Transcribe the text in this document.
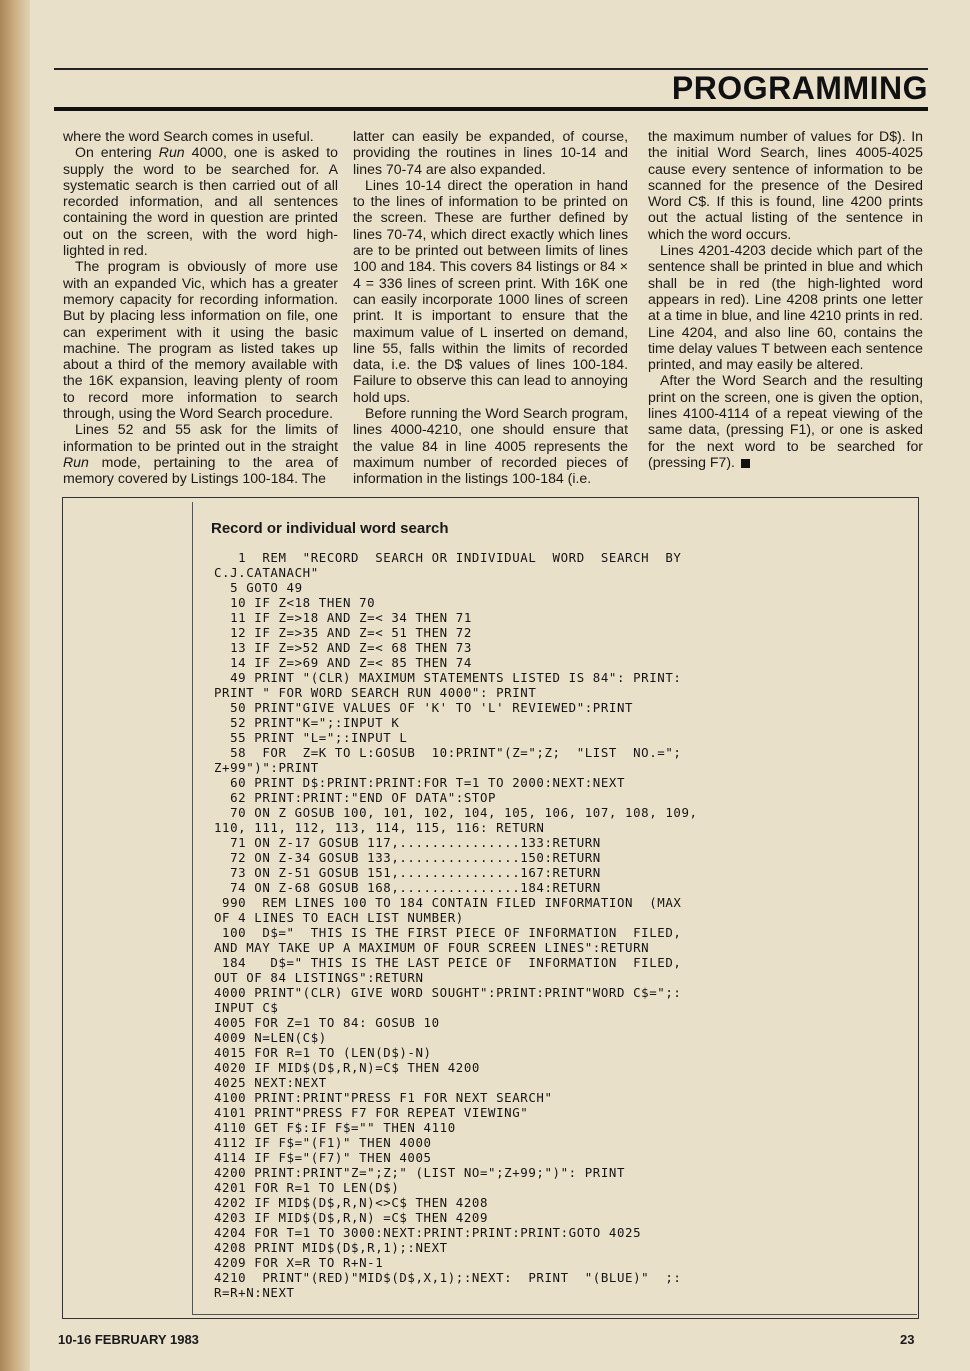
PROGRAMMING

where the word Search comes in useful.

On entering Run 4000, one is asked to supply the word to be searched for. A systematic search is then carried out of all recorded information, and all sentences containing the word in question are printed out on the screen, with the word high-lighted in red.

The program is obviously of more use with an expanded Vic, which has a greater memory capacity for recording information. But by placing less information on file, one can experiment with it using the basic machine. The program as listed takes up about a third of the memory available with the 16K expansion, leaving plenty of room to record more information to search through, using the Word Search procedure.

Lines 52 and 55 ask for the limits of information to be printed out in the straight Run mode, pertaining to the area of memory covered by Listings 100-184. The

latter can easily be expanded, of course, providing the routines in lines 10-14 and lines 70-74 are also expanded.

Lines 10-14 direct the operation in hand to the lines of information to be printed on the screen. These are further defined by lines 70-74, which direct exactly which lines are to be printed out between limits of lines 100 and 184. This covers 84 listings or 84 × 4 = 336 lines of screen print. With 16K one can easily incorporate 1000 lines of screen print. It is important to ensure that the maximum value of L inserted on demand, line 55, falls within the limits of recorded data, i.e. the D$ values of lines 100-184. Failure to observe this can lead to annoying hold ups.

Before running the Word Search program, lines 4000-4210, one should ensure that the value 84 in line 4005 represents the maximum number of recorded pieces of information in the listings 100-184 (i.e.

the maximum number of values for D$). In the initial Word Search, lines 4005-4025 cause every sentence of information to be scanned for the presence of the Desired Word C$. If this is found, line 4200 prints out the actual listing of the sentence in which the word occurs.

Lines 4201-4203 decide which part of the sentence shall be printed in blue and which shall be in red (the high-lighted word appears in red). Line 4208 prints one letter at a time in blue, and line 4210 prints in red. Line 4204, and also line 60, contains the time delay values T between each sentence printed, and may easily be altered.

After the Word Search and the resulting print on the screen, one is given the option, lines 4100-4114 of a repeat viewing of the same data, (pressing F1), or one is asked for the next word to be searched for (pressing F7).

Record or individual word search
1  REM  "RECORD  SEARCH OR INDIVIDUAL  WORD  SEARCH  BY
C.J.CATANACH"
5 GOTO 49
10 IF Z<18 THEN 70
11 IF Z=>18 AND Z=< 34 THEN 71
12 IF Z=>35 AND Z=< 51 THEN 72
13 IF Z=>52 AND Z=< 68 THEN 73
14 IF Z=>69 AND Z=< 85 THEN 74
49 PRINT "(CLR) MAXIMUM STATEMENTS LISTED IS 84": PRINT:
PRINT " FOR WORD SEARCH RUN 4000": PRINT
50 PRINT"GIVE VALUES OF 'K' TO 'L' REVIEWED":PRINT
52 PRINT"K=";:INPUT K
55 PRINT "L=";:INPUT L
58  FOR  Z=K TO L:GOSUB  10:PRINT"(Z=";Z;  "LIST  NO.=";
Z+99")":PRINT
60 PRINT D$:PRINT:PRINT:FOR T=1 TO 2000:NEXT:NEXT
62 PRINT:PRINT:"END OF DATA":STOP
70 ON Z GOSUB 100, 101, 102, 104, 105, 106, 107, 108, 109,
110, 111, 112, 113, 114, 115, 116: RETURN
71 ON Z-17 GOSUB 117,...............133:RETURN
72 ON Z-34 GOSUB 133,...............150:RETURN
73 ON Z-51 GOSUB 151,...............167:RETURN
74 ON Z-68 GOSUB 168,...............184:RETURN
990  REM LINES 100 TO 184 CONTAIN FILED INFORMATION  (MAX
OF 4 LINES TO EACH LIST NUMBER)
100  D$="  THIS IS THE FIRST PIECE OF INFORMATION  FILED,
AND MAY TAKE UP A MAXIMUM OF FOUR SCREEN LINES":RETURN
184   D$=" THIS IS THE LAST PEICE OF  INFORMATION  FILED,
OUT OF 84 LISTINGS":RETURN
4000 PRINT"(CLR) GIVE WORD SOUGHT":PRINT:PRINT"WORD C$=";:
INPUT C$
4005 FOR Z=1 TO 84: GOSUB 10
4009 N=LEN(C$)
4015 FOR R=1 TO (LEN(D$)-N)
4020 IF MID$(D$,R,N)=C$ THEN 4200
4025 NEXT:NEXT
4100 PRINT:PRINT"PRESS F1 FOR NEXT SEARCH"
4101 PRINT"PRESS F7 FOR REPEAT VIEWING"
4110 GET F$:IF F$="" THEN 4110
4112 IF F$="(F1)" THEN 4000
4114 IF F$="(F7)" THEN 4005
4200 PRINT:PRINT"Z=";Z;" (LIST NO=";Z+99;")": PRINT
4201 FOR R=1 TO LEN(D$)
4202 IF MID$(D$,R,N)<>C$ THEN 4208
4203 IF MID$(D$,R,N) =C$ THEN 4209
4204 FOR T=1 TO 3000:NEXT:PRINT:PRINT:PRINT:GOTO 4025
4208 PRINT MID$(D$,R,1);:NEXT
4209 FOR X=R TO R+N-1
4210  PRINT"(RED)"MID$(D$,X,1);:NEXT:  PRINT  "(BLUE)"  ;:
R=R+N:NEXT
10-16 FEBRUARY 1983	23
